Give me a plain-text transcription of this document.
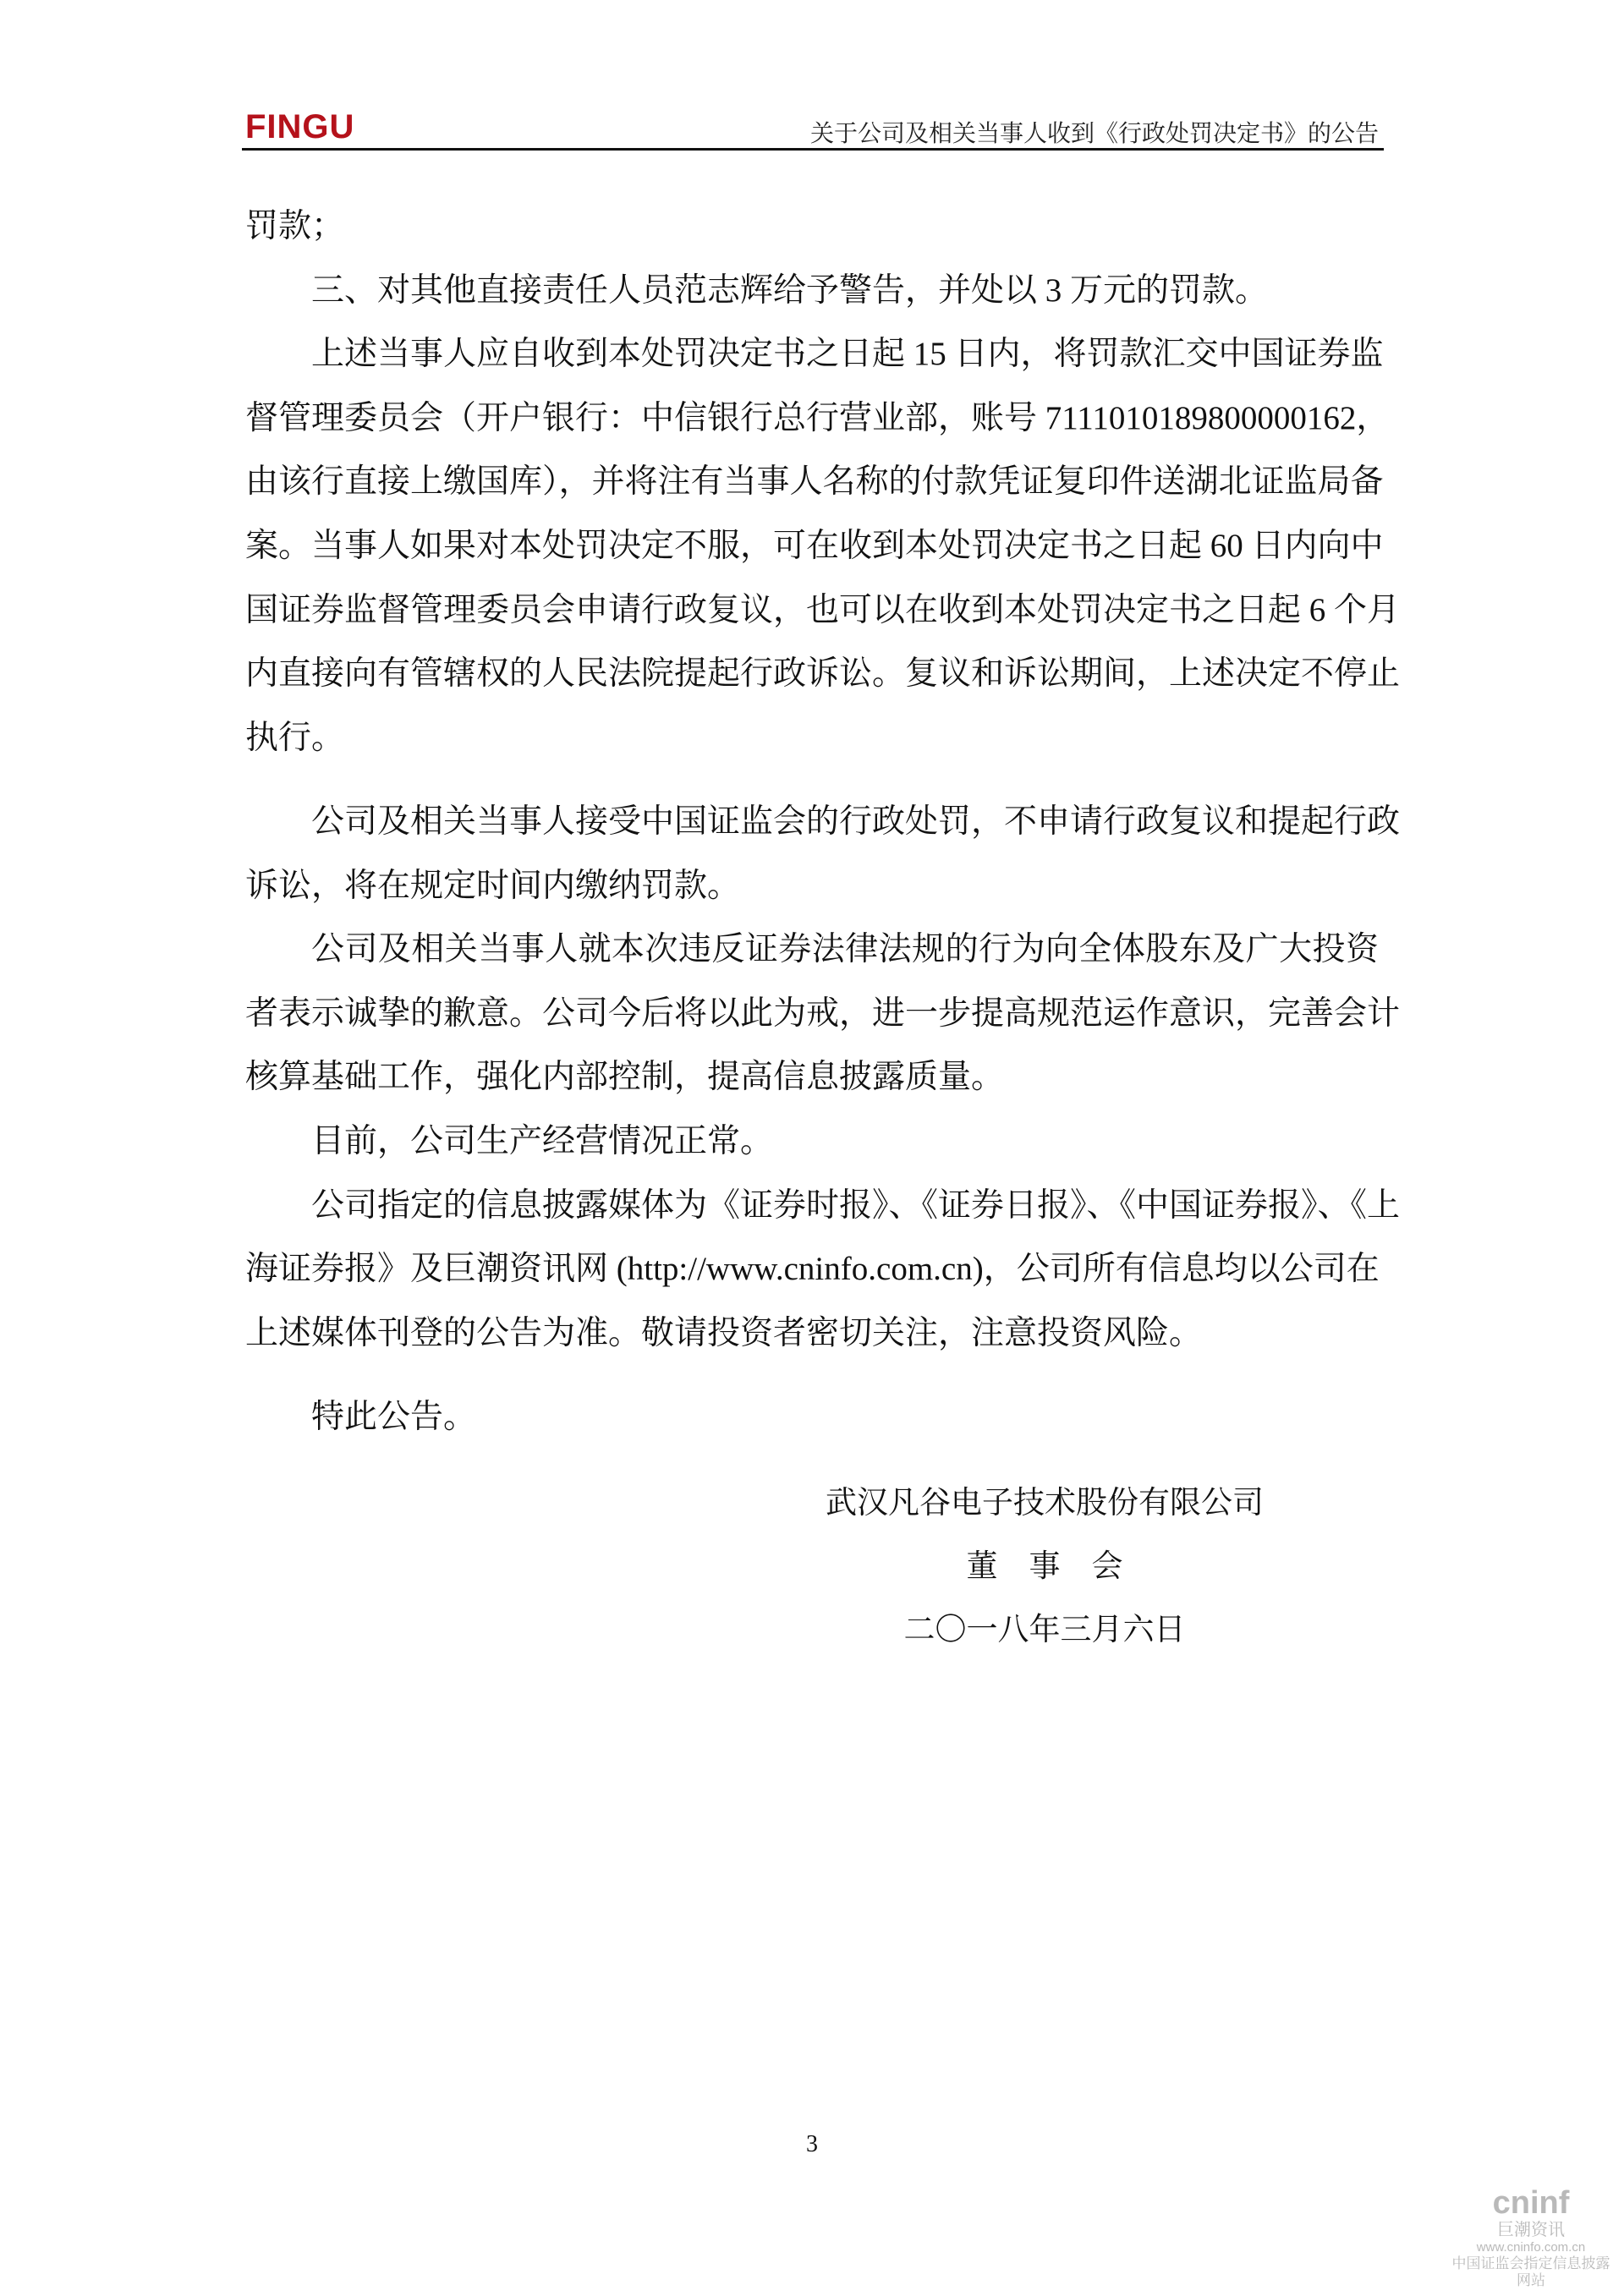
FINGU	关于公司及相关当事人收到《行政处罚决定书》的公告
罚款；
三、对其他直接责任人员范志辉给予警告，并处以 3 万元的罚款。
上述当事人应自收到本处罚决定书之日起 15 日内，将罚款汇交中国证券监
督管理委员会（开户银行：中信银行总行营业部，账号 7111010189800000162，
由该行直接上缴国库），并将注有当事人名称的付款凭证复印件送湖北证监局备
案。当事人如果对本处罚决定不服，可在收到本处罚决定书之日起 60 日内向中
国证券监督管理委员会申请行政复议，也可以在收到本处罚决定书之日起 6 个月
内直接向有管辖权的人民法院提起行政诉讼。复议和诉讼期间，上述决定不停止
执行。
公司及相关当事人接受中国证监会的行政处罚，不申请行政复议和提起行政
诉讼，将在规定时间内缴纳罚款。
公司及相关当事人就本次违反证券法律法规的行为向全体股东及广大投资
者表示诚挚的歉意。公司今后将以此为戒，进一步提高规范运作意识，完善会计
核算基础工作，强化内部控制，提高信息披露质量。
目前，公司生产经营情况正常。
公司指定的信息披露媒体为《证券时报》、《证券日报》、《中国证券报》、《上
海证券报》及巨潮资讯网 (http://www.cninfo.com.cn)，公司所有信息均以公司在
上述媒体刊登的公告为准。敬请投资者密切关注，注意投资风险。
特此公告。
武汉凡谷电子技术股份有限公司
董　事　会
二〇一八年三月六日
3
cninf
巨潮资讯
www.cninfo.com.cn
中国证监会指定信息披露网站
